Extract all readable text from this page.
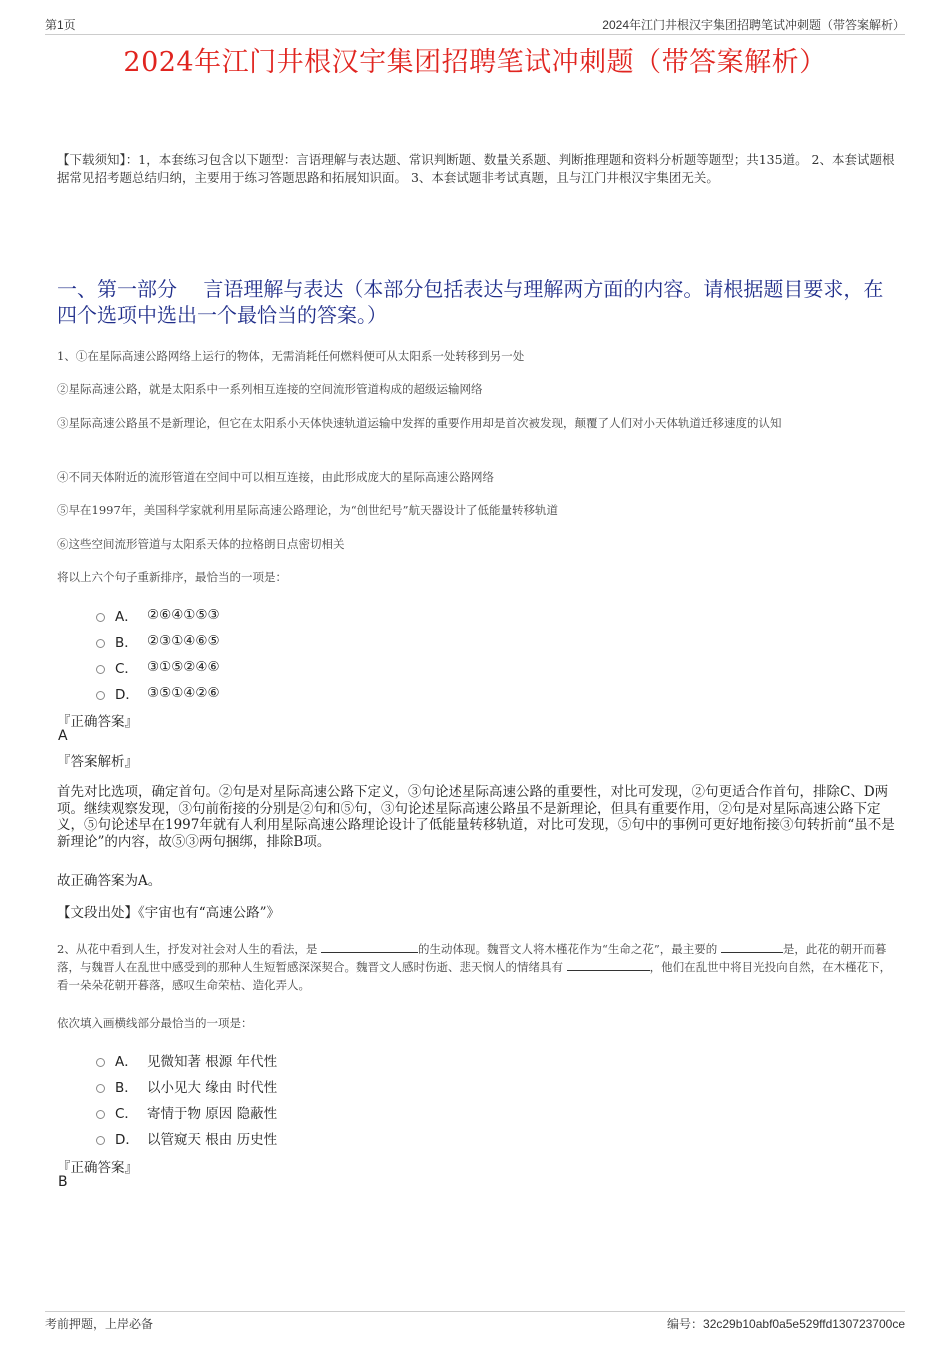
第1页	2024年江门井根汉宇集团招聘笔试冲刺题（带答案解析）
2024年江门井根汉宇集团招聘笔试冲刺题（带答案解析）
【下载须知】：1，本套练习包含以下题型：言语理解与表达题、常识判断题、数量关系题、判断推理题和资料分析题等题型；共135道。 2、本套试题根据常见招考题总结归纳，主要用于练习答题思路和拓展知识面。 3、本套试题非考试真题，且与江门井根汉宇集团无关。
一、第一部分　 言语理解与表达（本部分包括表达与理解两方面的内容。请根据题目要求，在四个选项中选出一个最恰当的答案。）
1、①在星际高速公路网络上运行的物体，无需消耗任何燃料便可从太阳系一处转移到另一处
②星际高速公路，就是太阳系中一系列相互连接的空间流形管道构成的超级运输网络
③星际高速公路虽不是新理论，但它在太阳系小天体快速轨道运输中发挥的重要作用却是首次被发现，颠覆了人们对小天体轨道迁移速度的认知
④不同天体附近的流形管道在空间中可以相互连接，由此形成庞大的星际高速公路网络
⑤早在1997年，美国科学家就利用星际高速公路理论，为“创世纪号”航天器设计了低能量转移轨道
⑥这些空间流形管道与太阳系天体的拉格朗日点密切相关
将以上六个句子重新排序，最恰当的一项是：
A． ②⑥④①⑤③
B． ②③①④⑥⑤
C． ③①⑤②④⑥
D． ③⑤①④②⑥
『正确答案』
A
『答案解析』
首先对比选项，确定首句。②句是对星际高速公路下定义，③句论述星际高速公路的重要性，对比可发现，②句更适合作首句，排除C、D两项。继续观察发现，③句前衔接的分别是②句和⑤句，③句论述星际高速公路虽不是新理论，但具有重要作用，②句是对星际高速公路下定义，⑤句论述早在1997年就有人利用星际高速公路理论设计了低能量转移轨道，对比可发现，⑤句中的事例可更好地衔接③句转折前“虽不是新理论”的内容，故⑤③两句捆绑，排除B项。
故正确答案为A。
【文段出处】《宇宙也有“高速公路”》
2、从花中看到人生，抒发对社会对人生的看法，是	的生动体现。魏晋文人将木槿花作为“生命之花”，最主要的	是，此花的朝开而暮落，与魏晋人在乱世中感受到的那种人生短暂感深深契合。魏晋文人感时伤逝、悲天悯人的情绪具有	，他们在乱世中将目光投向自然，在木槿花下，看一朵朵花朝开暮落，感叹生命荣枯、造化弄人。
依次填入画横线部分最恰当的一项是：
A． 见微知著 根源 年代性
B． 以小见大 缘由 时代性
C． 寄情于物 原因 隐蔽性
D． 以管窥天 根由 历史性
『正确答案』
B
考前押题，上岸必备	编号：32c29b10abf0a5e529ffd130723700ce
